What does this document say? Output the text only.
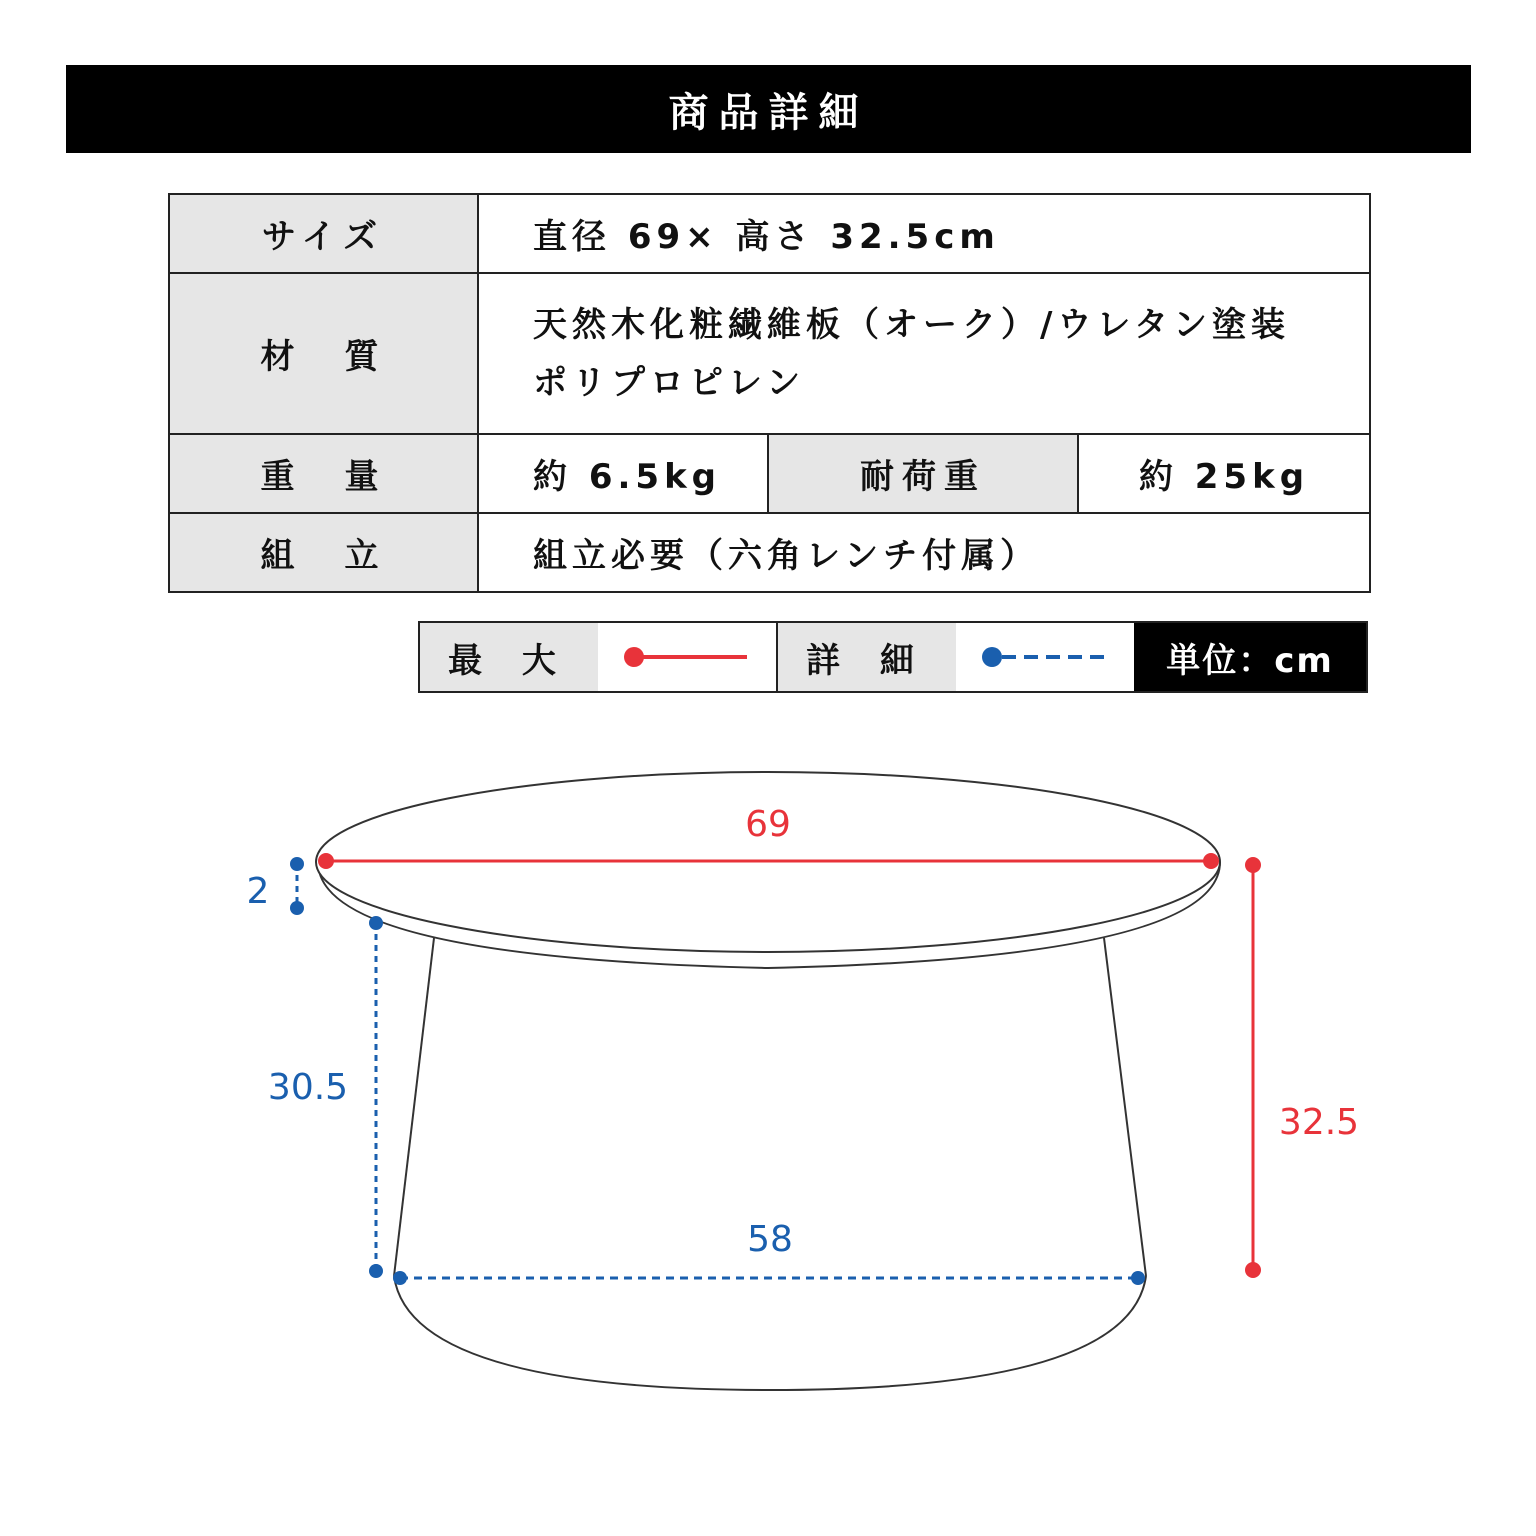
商品詳細
サイズ	直径 69× 高さ 32.5cm		
材　質	天然木化粧繊維板（オーク）/ウレタン塗装
ポリプロピレン		

重　量	約 6.5kg	耐荷重	約 25kg
組　立	組立必要（六角レンチ付属）		
最 大	詳 細	単位：cm
69
2
30.5
32.5
58
